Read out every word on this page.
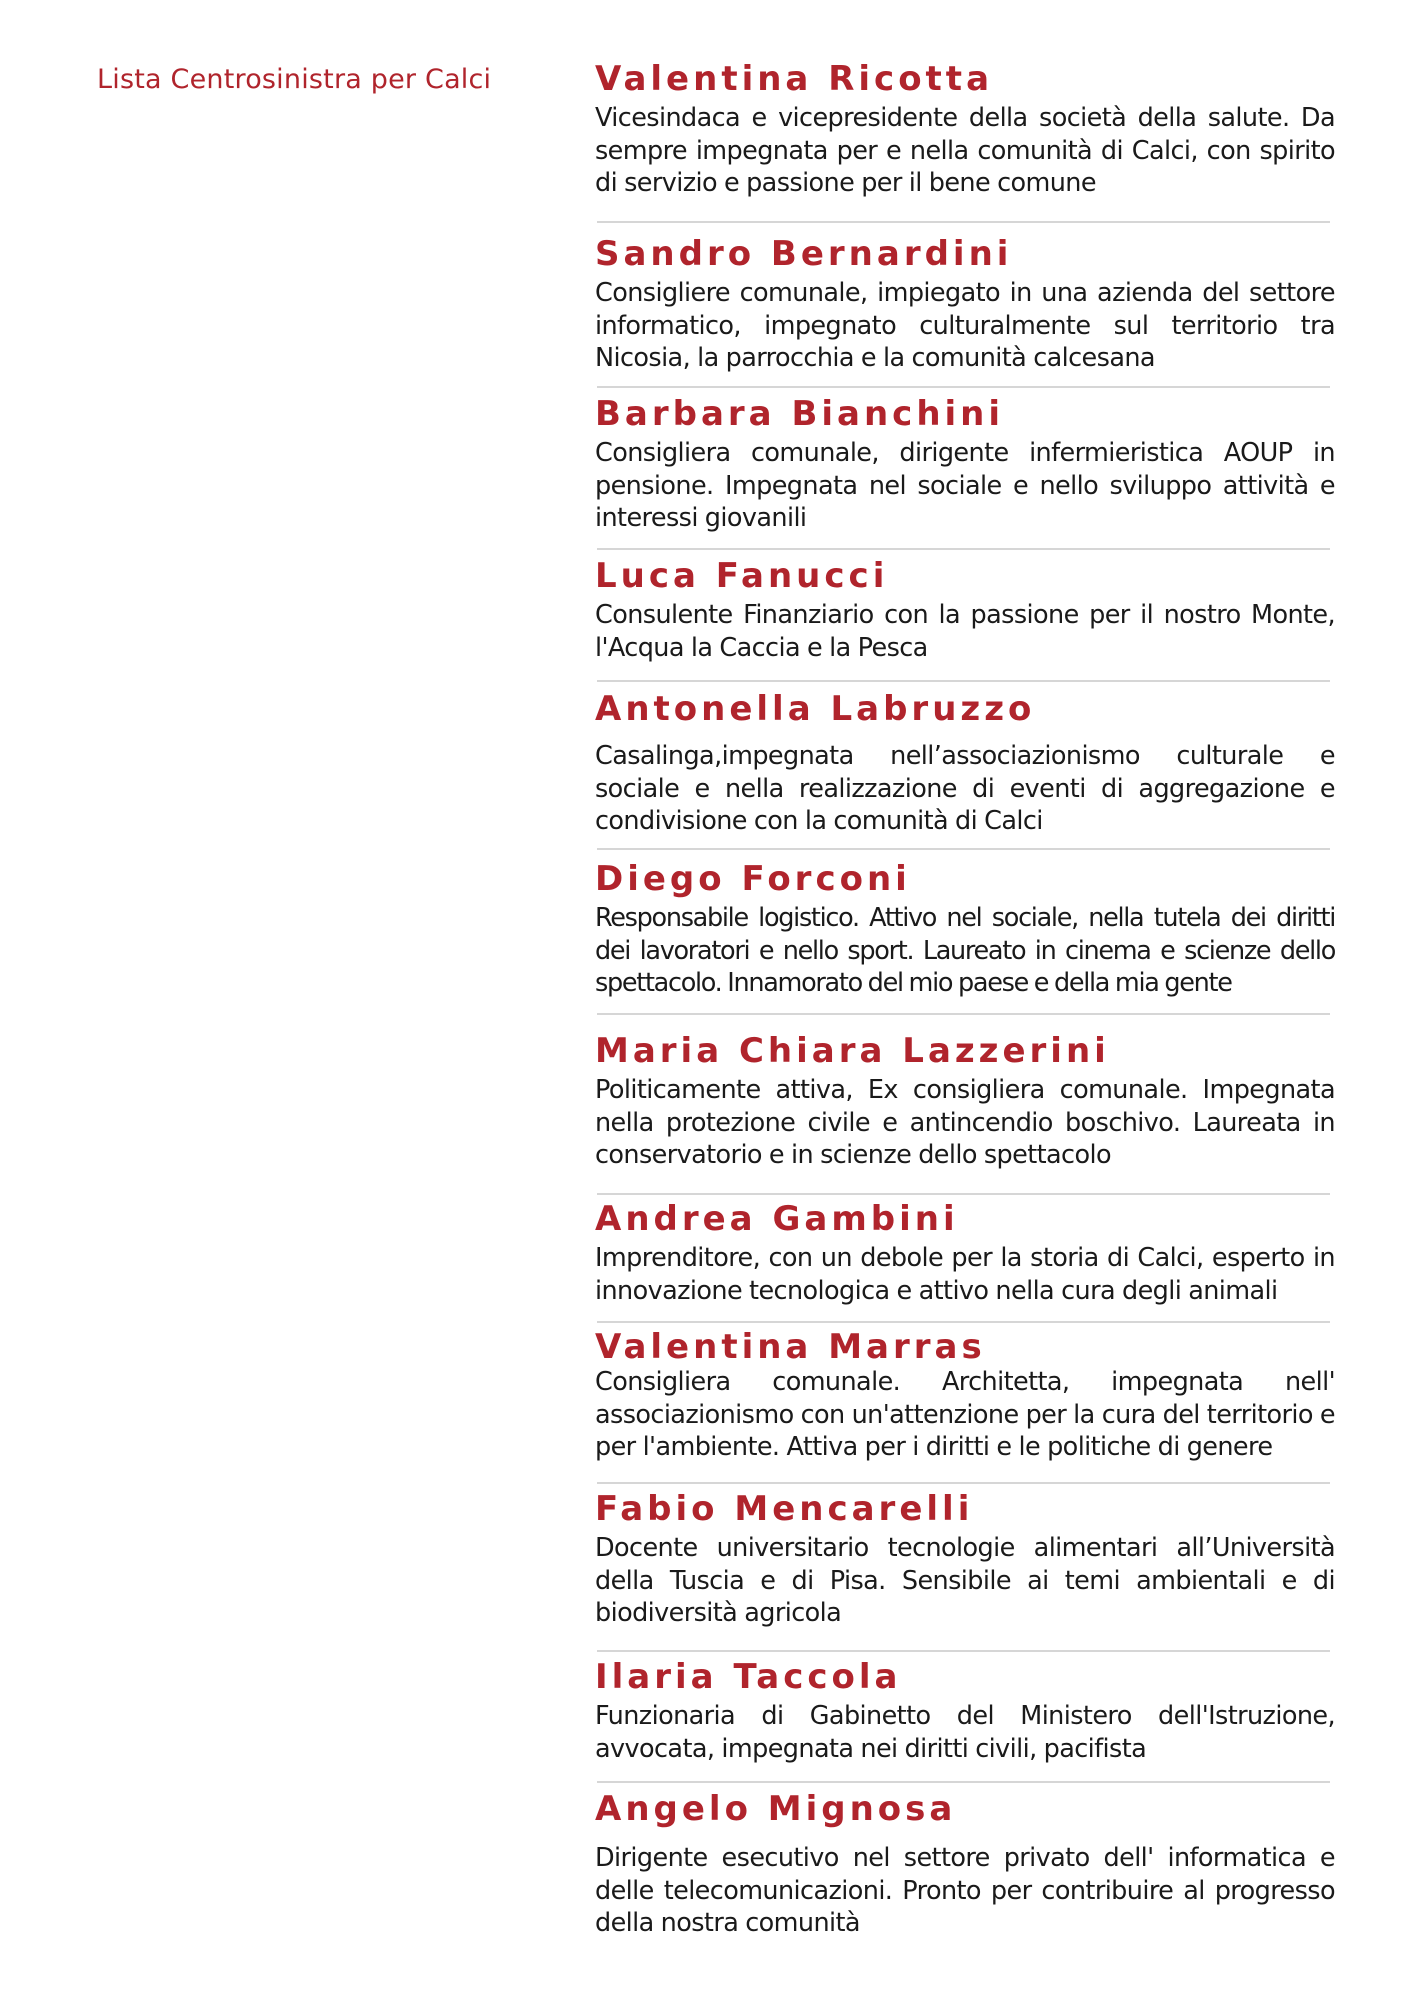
Lista Centrosinistra per Calci	Valentina Ricotta
Vicesindaca e vicepresidente della società della salute. Da sempre impegnata per e nella comunità di Calci, con spirito di servizio e passione per il bene comune
Sandro Bernardini
Consigliere comunale, impiegato in una azienda del settore informatico, impegnato culturalmente sul territorio tra Nicosia, la parrocchia e la comunità calcesana
Barbara Bianchini
Consigliera comunale, dirigente infermieristica AOUP in pensione. Impegnata nel sociale e nello sviluppo attività e interessi giovanili
Luca Fanucci
Consulente Finanziario con la passione per il nostro Monte, l'Acqua la Caccia e la Pesca
Antonella Labruzzo
Casalinga,impegnata nell’associazionismo culturale e sociale e nella realizzazione di eventi di aggregazione e condivisione con la comunità di Calci
Diego Forconi
Responsabile logistico. Attivo nel sociale, nella tutela dei diritti dei lavoratori e nello sport. Laureato in cinema e scienze dello spettacolo. Innamorato del mio paese e della mia gente
Maria Chiara Lazzerini
Politicamente attiva, Ex consigliera comunale. Impegnata nella protezione civile e antincendio boschivo. Laureata in conservatorio e in scienze dello spettacolo
Andrea Gambini
Imprenditore, con un debole per la storia di Calci, esperto in innovazione tecnologica e attivo nella cura degli animali
Valentina Marras
Consigliera comunale. Architetta, impegnata nell' associazionismo con un'attenzione per la cura del territorio e per l'ambiente. Attiva per i diritti e le politiche di genere
Fabio Mencarelli
Docente universitario tecnologie alimentari all’Università della Tuscia e di Pisa. Sensibile ai temi ambientali e di biodiversità agricola
Ilaria Taccola
Funzionaria di Gabinetto del Ministero dell'Istruzione, avvocata, impegnata nei diritti civili, pacifista
Angelo Mignosa
Dirigente esecutivo nel settore privato dell' informatica e delle telecomunicazioni. Pronto per contribuire al progresso della nostra comunità
